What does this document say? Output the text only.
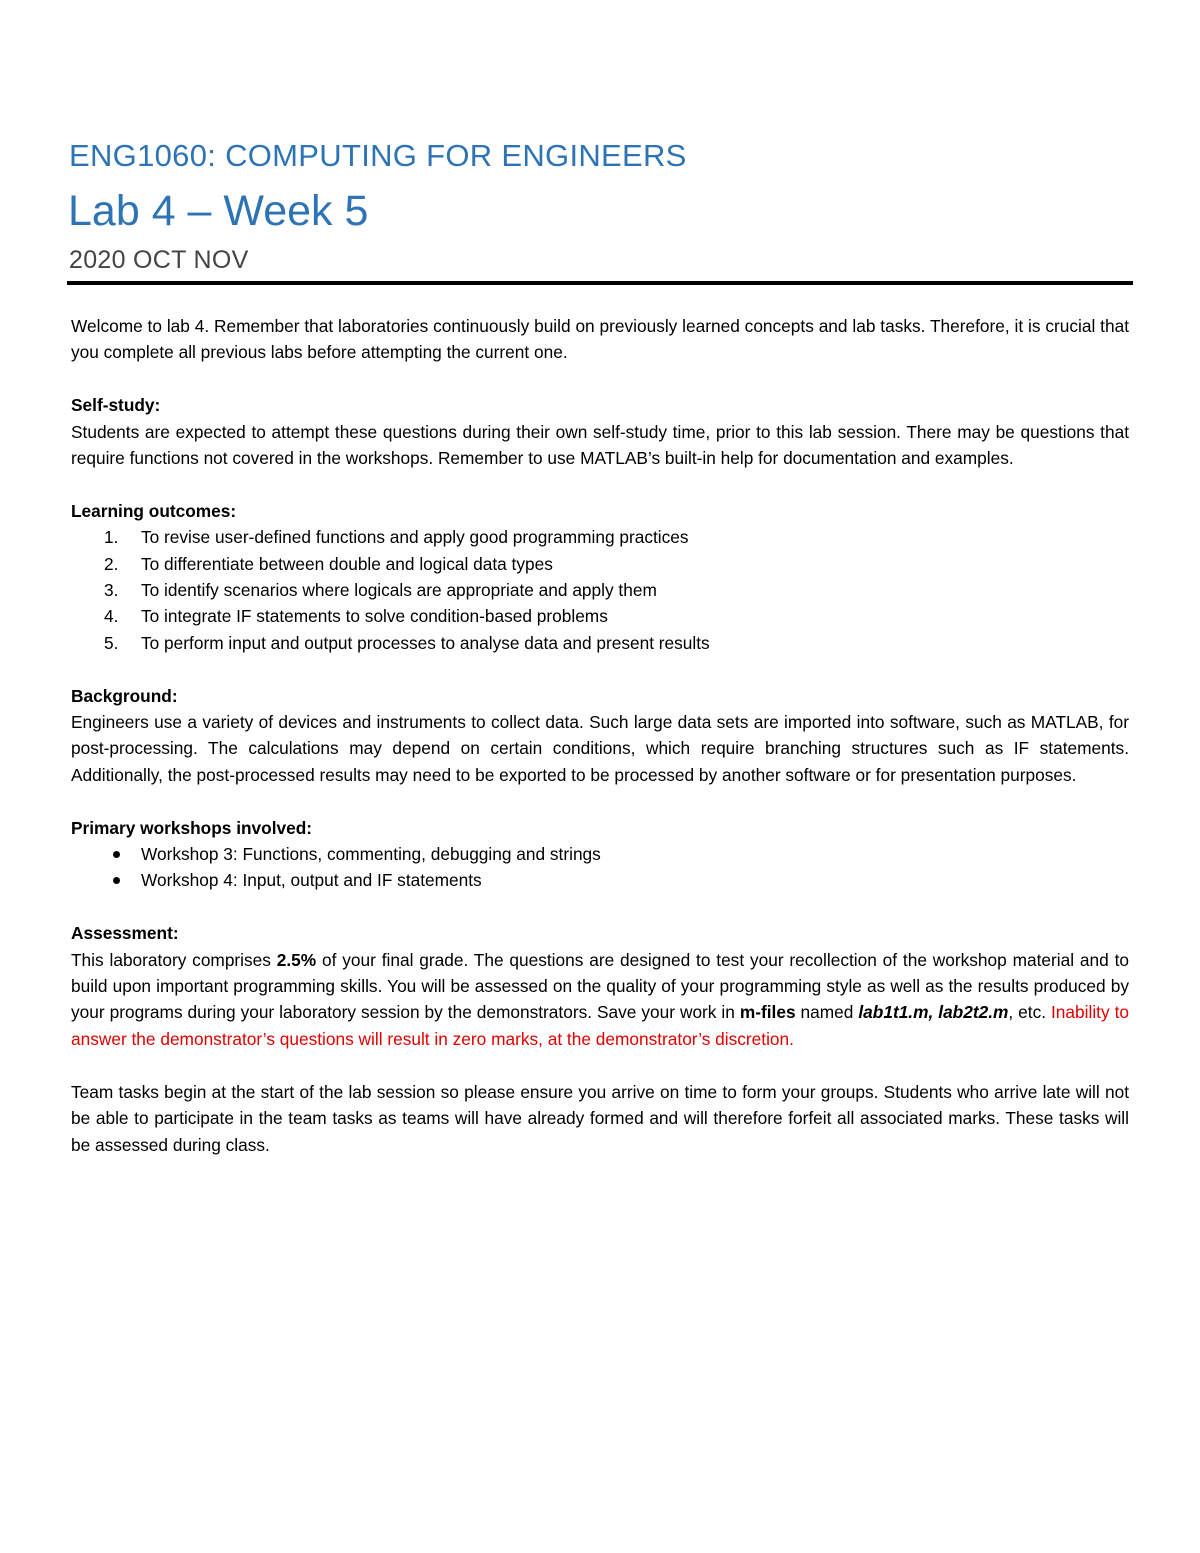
ENG1060: COMPUTING FOR ENGINEERS
Lab 4 – Week 5
2020 OCT NOV

Welcome to lab 4. Remember that laboratories continuously build on previously learned concepts and lab tasks. Therefore, it is crucial that you complete all previous labs before attempting the current one.

Self-study:

Students are expected to attempt these questions during their own self-study time, prior to this lab session. There may be questions that require functions not covered in the workshops. Remember to use MATLAB’s built-in help for documentation and examples.

Learning outcomes:

1. To revise user-defined functions and apply good programming practices
2. To differentiate between double and logical data types
3. To identify scenarios where logicals are appropriate and apply them
4. To integrate IF statements to solve condition-based problems
5. To perform input and output processes to analyse data and present results

Background:

Engineers use a variety of devices and instruments to collect data. Such large data sets are imported into software, such as MATLAB, for post-processing. The calculations may depend on certain conditions, which require branching structures such as IF statements. Additionally, the post-processed results may need to be exported to be processed by another software or for presentation purposes.

Primary workshops involved:

Workshop 3: Functions, commenting, debugging and strings
Workshop 4: Input, output and IF statements

Assessment:

This laboratory comprises 2.5% of your final grade. The questions are designed to test your recollection of the workshop material and to build upon important programming skills. You will be assessed on the quality of your programming style as well as the results produced by your programs during your laboratory session by the demonstrators. Save your work in m-files named lab1t1.m, lab2t2.m, etc. Inability to answer the demonstrator’s questions will result in zero marks, at the demonstrator’s discretion.

Team tasks begin at the start of the lab session so please ensure you arrive on time to form your groups. Students who arrive late will not be able to participate in the team tasks as teams will have already formed and will therefore forfeit all associated marks. These tasks will be assessed during class.
